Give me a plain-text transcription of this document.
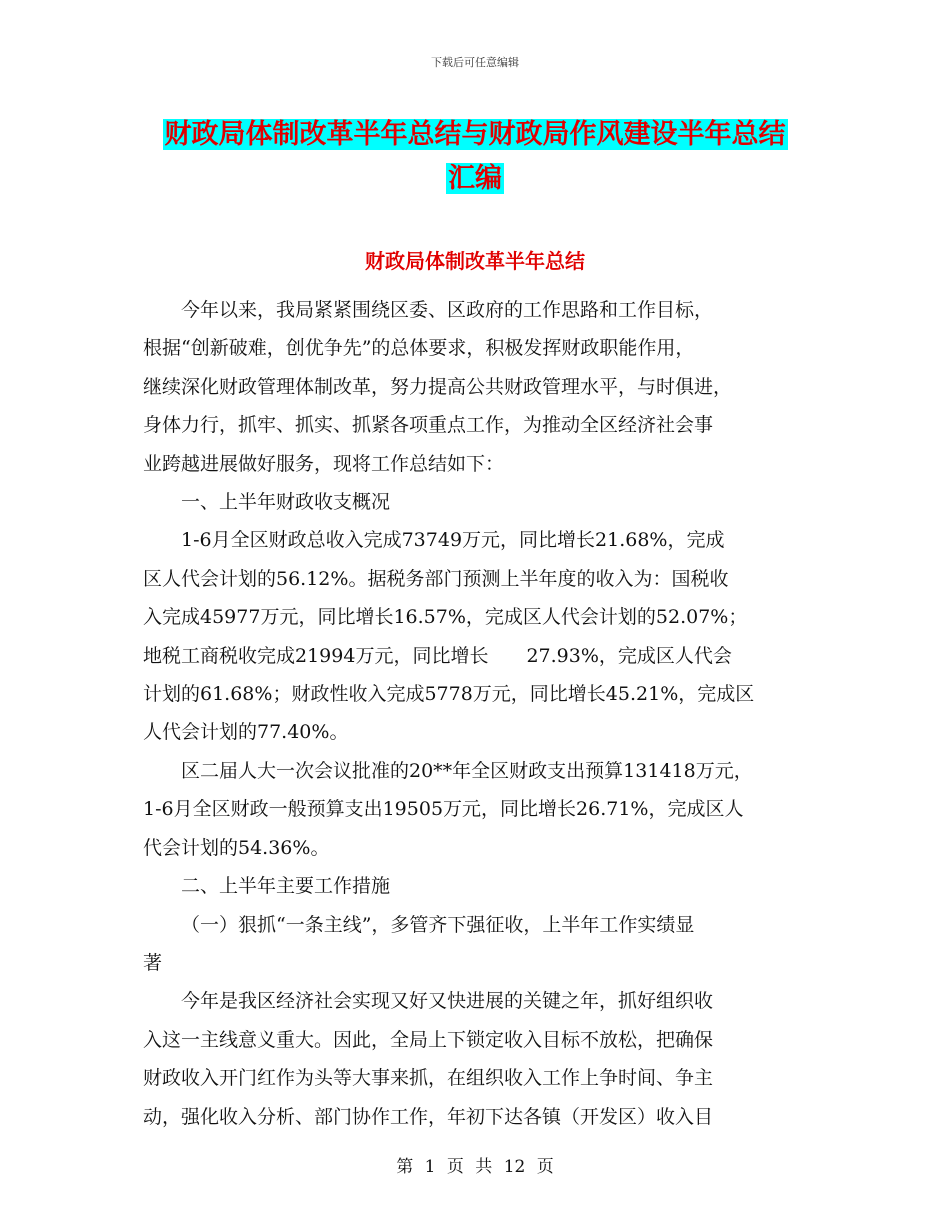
下载后可任意编辑
财政局体制改革半年总结与财政局作风建设半年总结
汇编
财政局体制改革半年总结

今年以来，我局紧紧围绕区委、区政府的工作思路和工作目标，
根据“创新破难，创优争先”的总体要求，积极发挥财政职能作用，
继续深化财政管理体制改革，努力提高公共财政管理水平，与时俱进，
身体力行，抓牢、抓实、抓紧各项重点工作，为推动全区经济社会事
业跨越进展做好服务，现将工作总结如下：

一、上半年财政收支概况

1-6月全区财政总收入完成73749万元，同比增长21.68%，完成
区人代会计划的56.12%。据税务部门预测上半年度的收入为：国税收
入完成45977万元，同比增长16.57%，完成区人代会计划的52.07%；
地税工商税收完成21994万元，同比增长　　27.93%，完成区人代会
计划的61.68%；财政性收入完成5778万元，同比增长45.21%，完成区
人代会计划的77.40%。

区二届人大一次会议批准的20**年全区财政支出预算131418万元，
1-6月全区财政一般预算支出19505万元，同比增长26.71%，完成区人
代会计划的54.36%。

二、上半年主要工作措施

（一）狠抓“一条主线”，多管齐下强征收，上半年工作实绩显
著

今年是我区经济社会实现又好又快进展的关键之年，抓好组织收
入这一主线意义重大。因此，全局上下锁定收入目标不放松，把确保
财政收入开门红作为头等大事来抓，在组织收入工作上争时间、争主
动，强化收入分析、部门协作工作，年初下达各镇（开发区）收入目

第 1 页 共 12 页
